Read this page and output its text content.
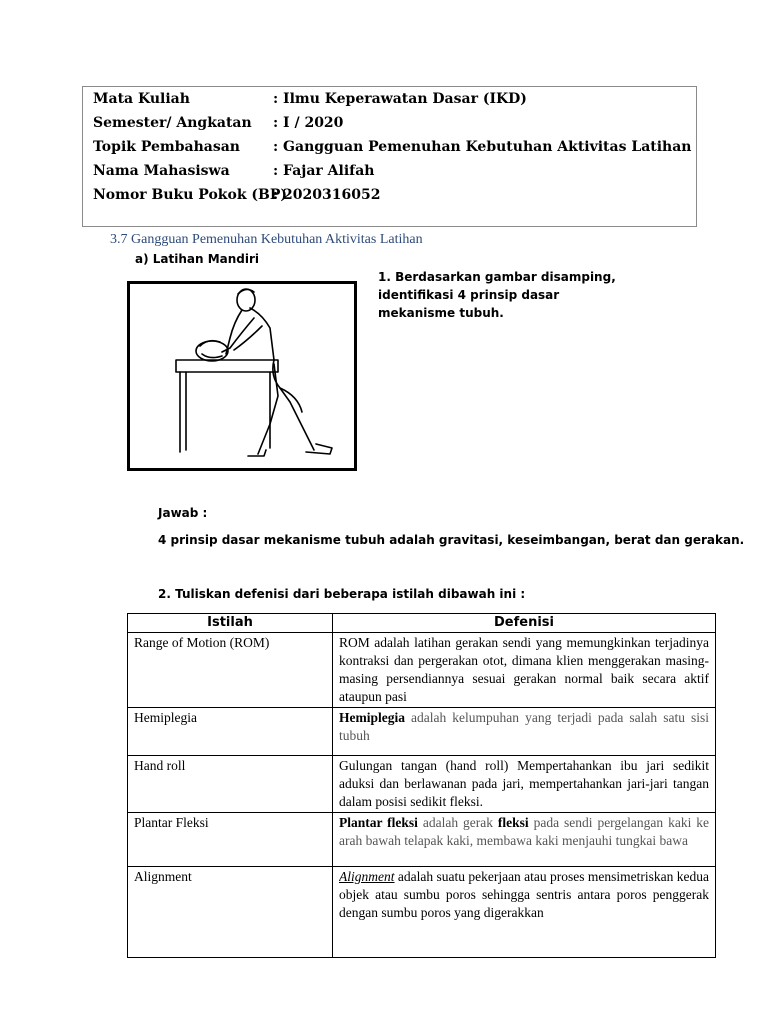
Mata Kuliah	: Ilmu Keperawatan Dasar (IKD)
Semester/ Angkatan : I / 2020
Topik Pembahasan : Gangguan Pemenuhan Kebutuhan Aktivitas Latihan
Nama Mahasiswa	: Fajar Alifah
Nomor Buku Pokok (BP): 2020316052
3.7 Gangguan Pemenuhan Kebutuhan Aktivitas Latihan
a) Latihan Mandiri
1. Berdasarkan gambar disamping, identifikasi 4 prinsip dasar mekanisme tubuh.
Jawab :
4 prinsip dasar mekanisme tubuh adalah gravitasi, keseimbangan, berat dan gerakan.
2. Tuliskan defenisi dari beberapa istilah dibawah ini :
Istilah	Defenisi
Range of Motion (ROM)	ROM adalah latihan gerakan sendi yang memungkinkan terjadinya kontraksi dan pergerakan otot, dimana klien menggerakan masing-masing persendiannya sesuai gerakan normal baik secara aktif ataupun pasi
Hemiplegia	Hemiplegia adalah kelumpuhan yang terjadi pada salah satu sisi tubuh
Hand roll	Gulungan tangan (hand roll) Mempertahankan ibu jari sedikit aduksi dan berlawanan pada jari, mempertahankan jari-jari tangan dalam posisi sedikit fleksi.
Plantar Fleksi	Plantar fleksi adalah gerak fleksi pada sendi pergelangan kaki ke arah bawah telapak kaki, membawa kaki menjauhi tungkai bawa
Alignment	Alignment adalah suatu pekerjaan atau proses mensimetriskan kedua objek atau sumbu poros sehingga sentris antara poros penggerak dengan sumbu poros yang digerakkan
